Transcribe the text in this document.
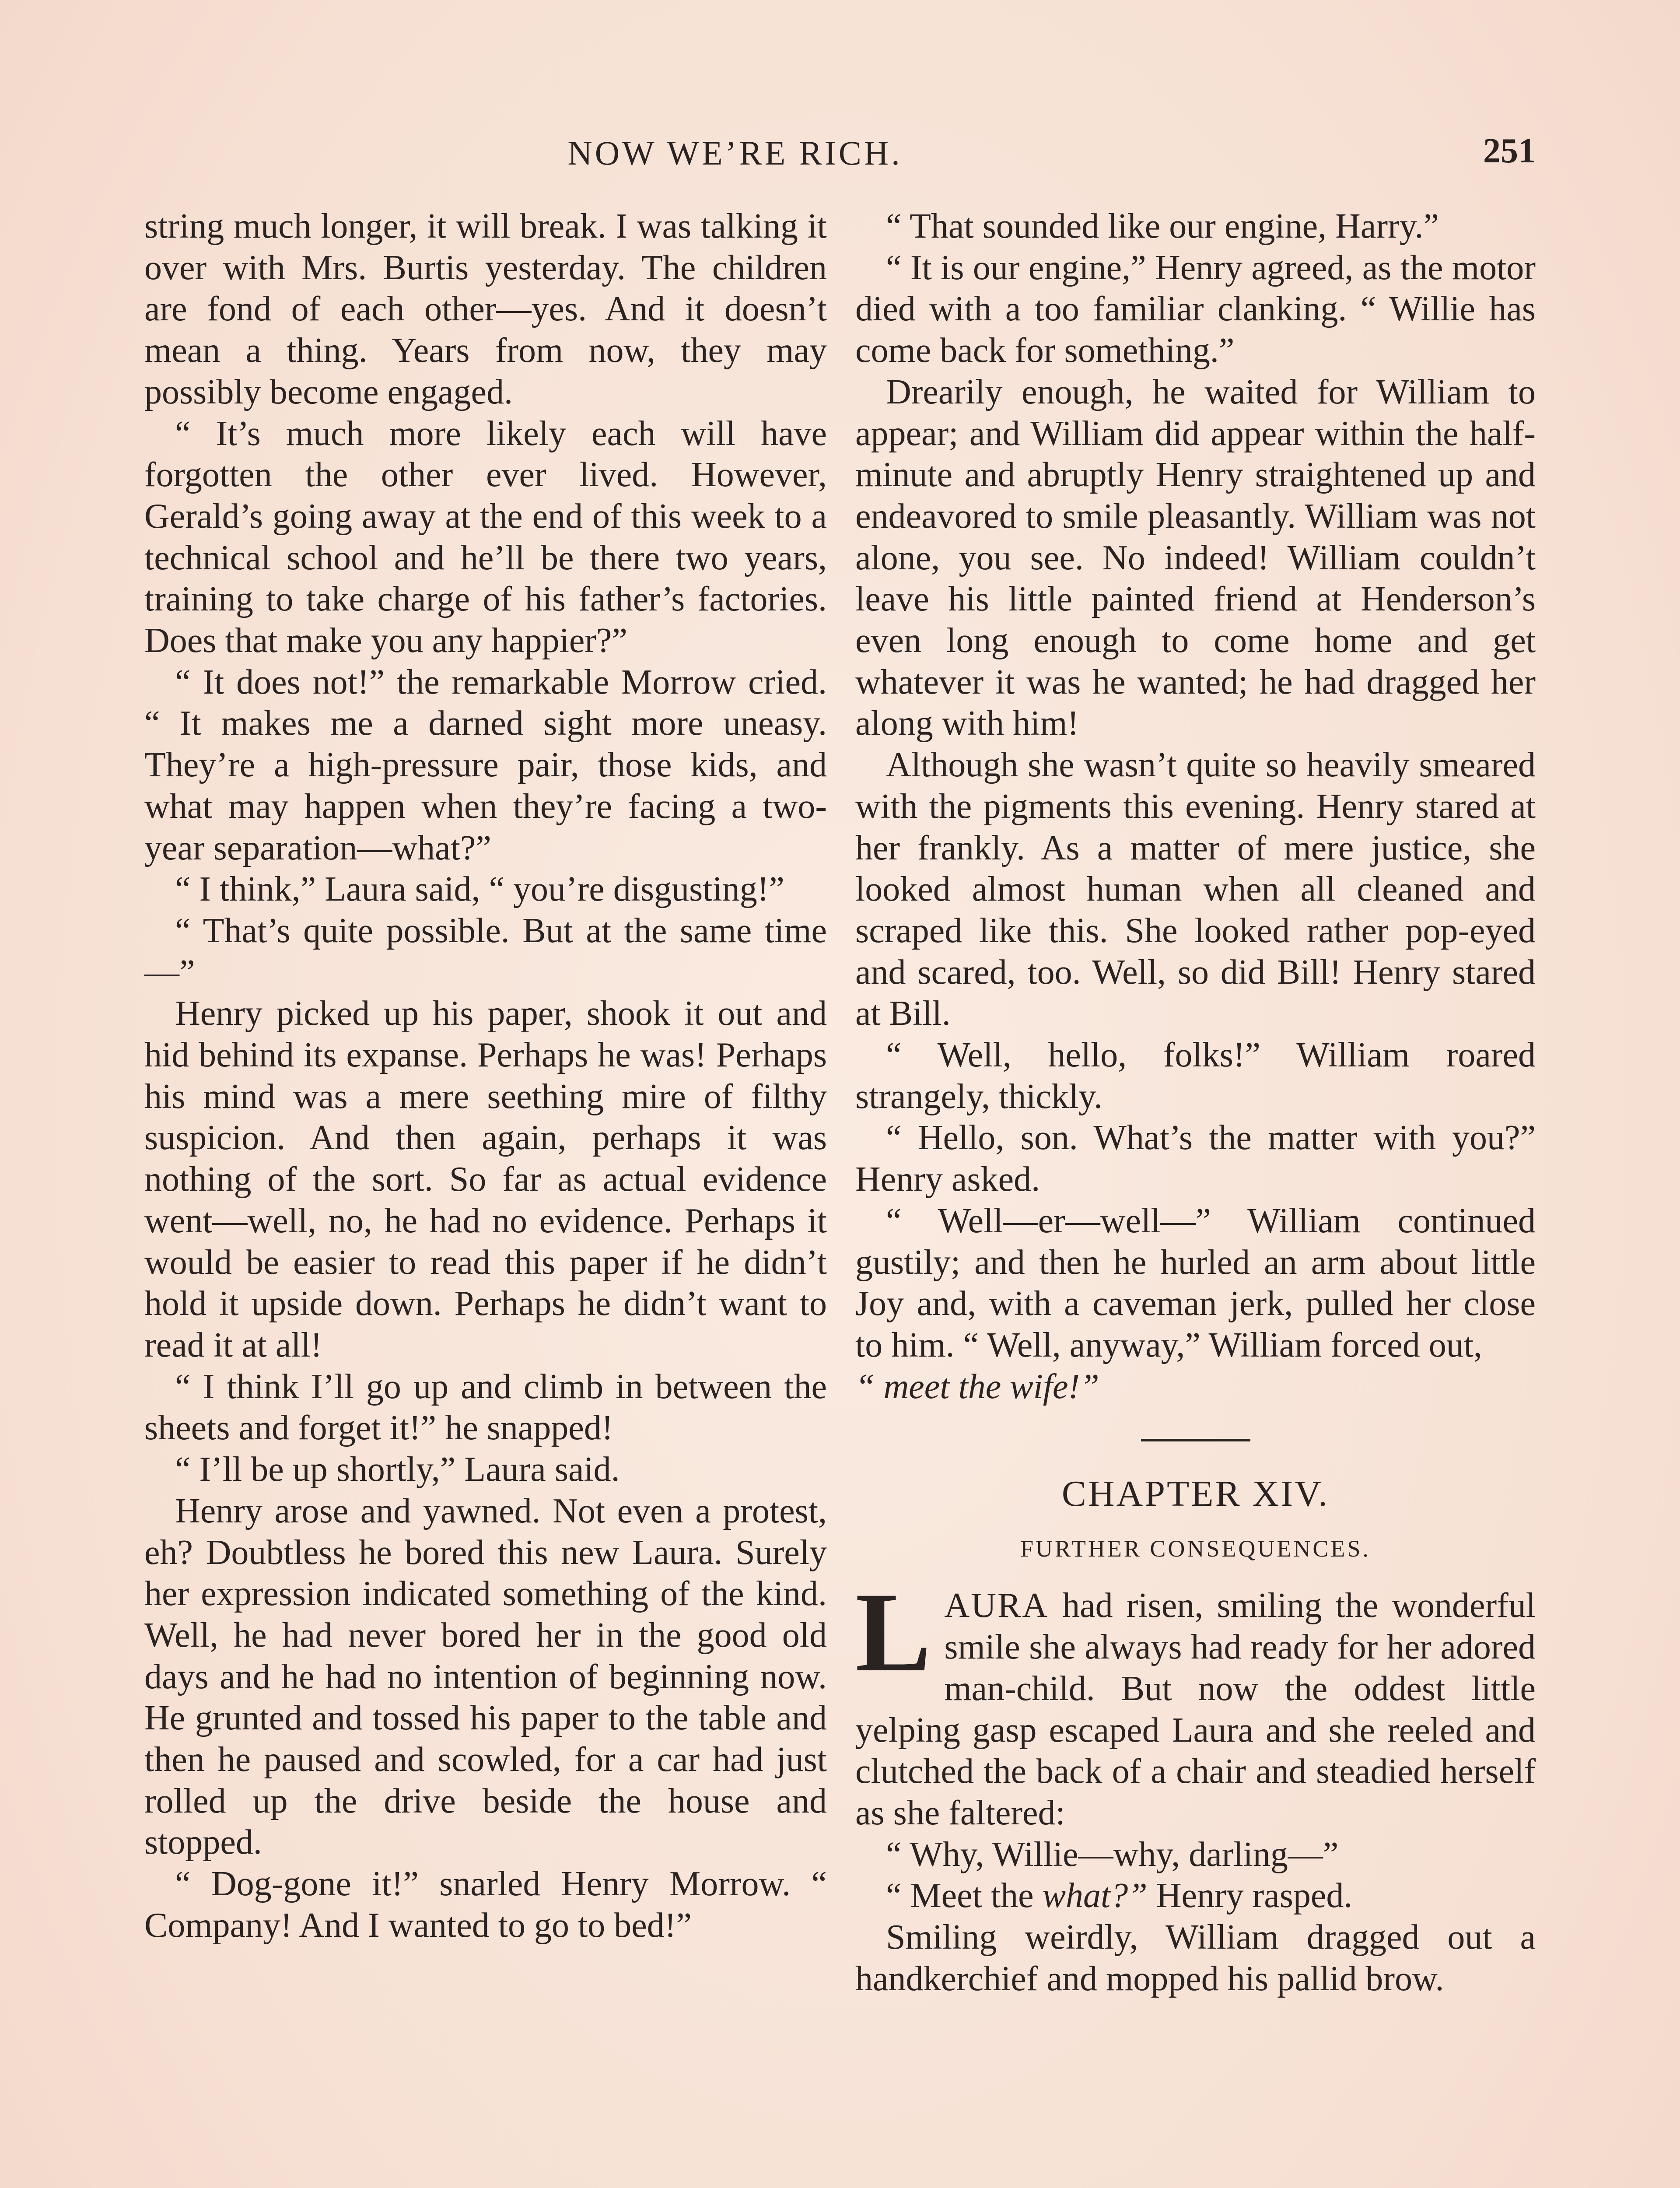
NOW WE’RE RICH.	251

string much longer, it will break. I was talking it over with Mrs. Burtis yesterday. The children are fond of each other—yes. And it doesn’t mean a thing. Years from now, they may possibly become engaged.

“ It’s much more likely each will have forgotten the other ever lived. However, Gerald’s going away at the end of this week to a technical school and he’ll be there two years, training to take charge of his father’s factories. Does that make you any happier?”

“ It does not!” the remarkable Morrow cried. “ It makes me a darned sight more uneasy. They’re a high-pressure pair, those kids, and what may happen when they’re facing a two-year separation—what?”

“ I think,” Laura said, “ you’re disgusting!”

“ That’s quite possible. But at the same time—”

Henry picked up his paper, shook it out and hid behind its expanse. Perhaps he was! Perhaps his mind was a mere seething mire of filthy suspicion. And then again, perhaps it was nothing of the sort. So far as actual evidence went—well, no, he had no evidence. Perhaps it would be easier to read this paper if he didn’t hold it upside down. Perhaps he didn’t want to read it at all!

“ I think I’ll go up and climb in between the sheets and forget it!” he snapped!

“ I’ll be up shortly,” Laura said.

Henry arose and yawned. Not even a protest, eh? Doubtless he bored this new Laura. Surely her expression indicated something of the kind. Well, he had never bored her in the good old days and he had no intention of beginning now. He grunted and tossed his paper to the table and then he paused and scowled, for a car had just rolled up the drive beside the house and stopped.

“ Dog-gone it!” snarled Henry Morrow. “ Company! And I wanted to go to bed!”

“ That sounded like our engine, Harry.”

“ It is our engine,” Henry agreed, as the motor died with a too familiar clanking. “ Willie has come back for something.”

Drearily enough, he waited for William to appear; and William did appear within the half-minute and abruptly Henry straightened up and endeavored to smile pleasantly. William was not alone, you see. No indeed! William couldn’t leave his little painted friend at Henderson’s even long enough to come home and get whatever it was he wanted; he had dragged her along with him!

Although she wasn’t quite so heavily smeared with the pigments this evening. Henry stared at her frankly. As a matter of mere justice, she looked almost human when all cleaned and scraped like this. She looked rather pop-eyed and scared, too. Well, so did Bill! Henry stared at Bill.

“ Well, hello, folks!” William roared strangely, thickly.

“ Hello, son. What’s the matter with you?” Henry asked.

“ Well—er—well—” William continued gustily; and then he hurled an arm about little Joy and, with a caveman jerk, pulled her close to him. “ Well, anyway,” William forced out,

“ meet the wife!”

CHAPTER XIV.
FURTHER CONSEQUENCES.

LAURA had risen, smiling the wonderful smile she always had ready for her adored man-child. But now the oddest little yelping gasp escaped Laura and she reeled and clutched the back of a chair and steadied herself as she faltered:

“ Why, Willie—why, darling—”

“ Meet the what?” Henry rasped.

Smiling weirdly, William dragged out a handkerchief and mopped his pallid brow.
